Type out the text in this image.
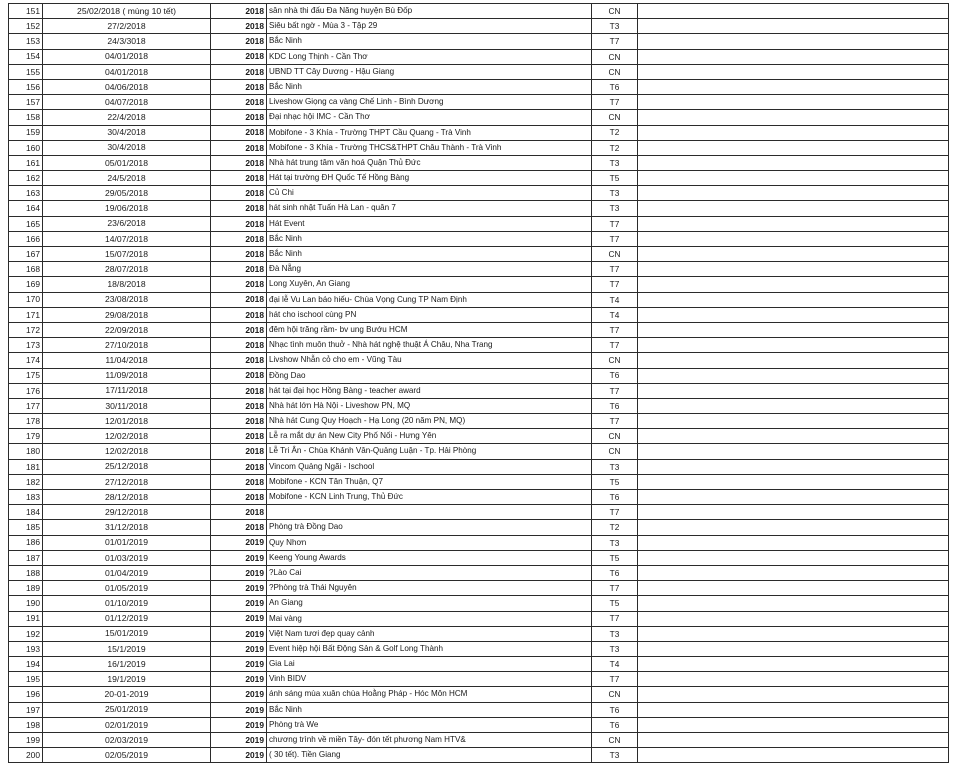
151	25/02/2018 ( mùng 10 tết)	2018	sân nhà thi đấu Đa Năng huyện Bù Đốp	CN	
152	27/2/2018	2018	Siêu bất ngờ - Mùa 3 - Tập 29	T3	
153	24/3/3018	2018	Bắc Ninh	T7	
154	04/01/2018	2018	KDC Long Thịnh - Cần Thơ	CN	
155	04/01/2018	2018	UBND TT Cây Dương - Hậu Giang	CN	
156	04/06/2018	2018	Bắc Ninh	T6	
157	04/07/2018	2018	Liveshow Giọng ca vàng Chế Linh - Bình Dương	T7	
158	22/4/2018	2018	Đại nhạc hội IMC - Cần Thơ	CN	
159	30/4/2018	2018	Mobifone - 3 Khía - Trường THPT Cầu Quang - Trà Vinh	T2	
160	30/4/2018	2018	Mobifone - 3 Khía - Trường THCS&THPT Châu Thành - Trà Vinh	T2	
161	05/01/2018	2018	Nhà hát trung tâm văn hoá Quận Thủ Đức	T3	
162	24/5/2018	2018	Hát tại trường ĐH Quốc Tế Hồng Bàng	T5	
163	29/05/2018	2018	Củ Chi	T3	
164	19/06/2018	2018	hát sinh nhật Tuấn Hà Lan - quân 7	T3	
165	23/6/2018	2018	Hát Event	T7	
166	14/07/2018	2018	Bắc Ninh	T7	
167	15/07/2018	2018	Bắc Ninh	CN	
168	28/07/2018	2018	Đà Nẵng	T7	
169	18/8/2018	2018	Long Xuyên, An Giang	T7	
170	23/08/2018	2018	đại lễ Vu Lan báo hiếu- Chùa Vọng Cung TP Nam Định	T4	
171	29/08/2018	2018	hát cho ischool cùng PN	T4	
172	22/09/2018	2018	đêm hội trăng rầm- bv ung Bướu HCM	T7	
173	27/10/2018	2018	Nhạc tình muôn thuở - Nhà hát nghệ thuật Á Châu, Nha Trang	T7	
174	11/04/2018	2018	Livshow Nhẫn cỏ cho em - Vũng Tàu	CN	
175	11/09/2018	2018	Đồng Dao	T6	
176	17/11/2018	2018	hát tại đại học Hồng Bàng - teacher award	T7	
177	30/11/2018	2018	Nhà hát lớn Hà Nội - Liveshow PN, MQ	T6	
178	12/01/2018	2018	Nhà hát Cung Quy Hoạch - Hạ Long (20 năm PN, MQ)	T7	
179	12/02/2018	2018	Lễ ra mắt dự án New City Phố Nối - Hưng Yên	CN	
180	12/02/2018	2018	Lễ Tri Ân - Chùa Khánh Vân-Quảng Luận - Tp. Hải Phòng	CN	
181	25/12/2018	2018	Vincom Quảng Ngãi - Ischool	T3	
182	27/12/2018	2018	Mobifone - KCN Tân Thuận, Q7	T5	
183	28/12/2018	2018	Mobifone - KCN Linh Trung, Thủ Đức	T6	
184	29/12/2018	2018		T7	
185	31/12/2018	2018	Phòng trà Đồng Dao	T2	
186	01/01/2019	2019	Quy Nhơn	T3	
187	01/03/2019	2019	Keeng Young Awards	T5	
188	01/04/2019	2019	?Lào Cai	T6	
189	01/05/2019	2019	?Phòng trà Thái Nguyên	T7	
190	01/10/2019	2019	An Giang	T5	
191	01/12/2019	2019	Mai vàng	T7	
192	15/01/2019	2019	Việt Nam tươi đẹp quay cảnh	T3	
193	15/1/2019	2019	Event hiệp hội Bất Động Sản & Golf Long Thành	T3	
194	16/1/2019	2019	Gia Lai	T4	
195	19/1/2019	2019	Vinh BIDV	T7	
196	20-01-2019	2019	ánh sáng mùa xuân chùa Hoằng Pháp - Hóc Môn HCM	CN	
197	25/01/2019	2019	Bắc Ninh	T6	
198	02/01/2019	2019	Phòng trà We	T6	
199	02/03/2019	2019	chương trình về miền Tây- đón tết phương Nam HTV&	CN	
200	02/05/2019	2019	( 30 tết). Tiền Giang	T3	
